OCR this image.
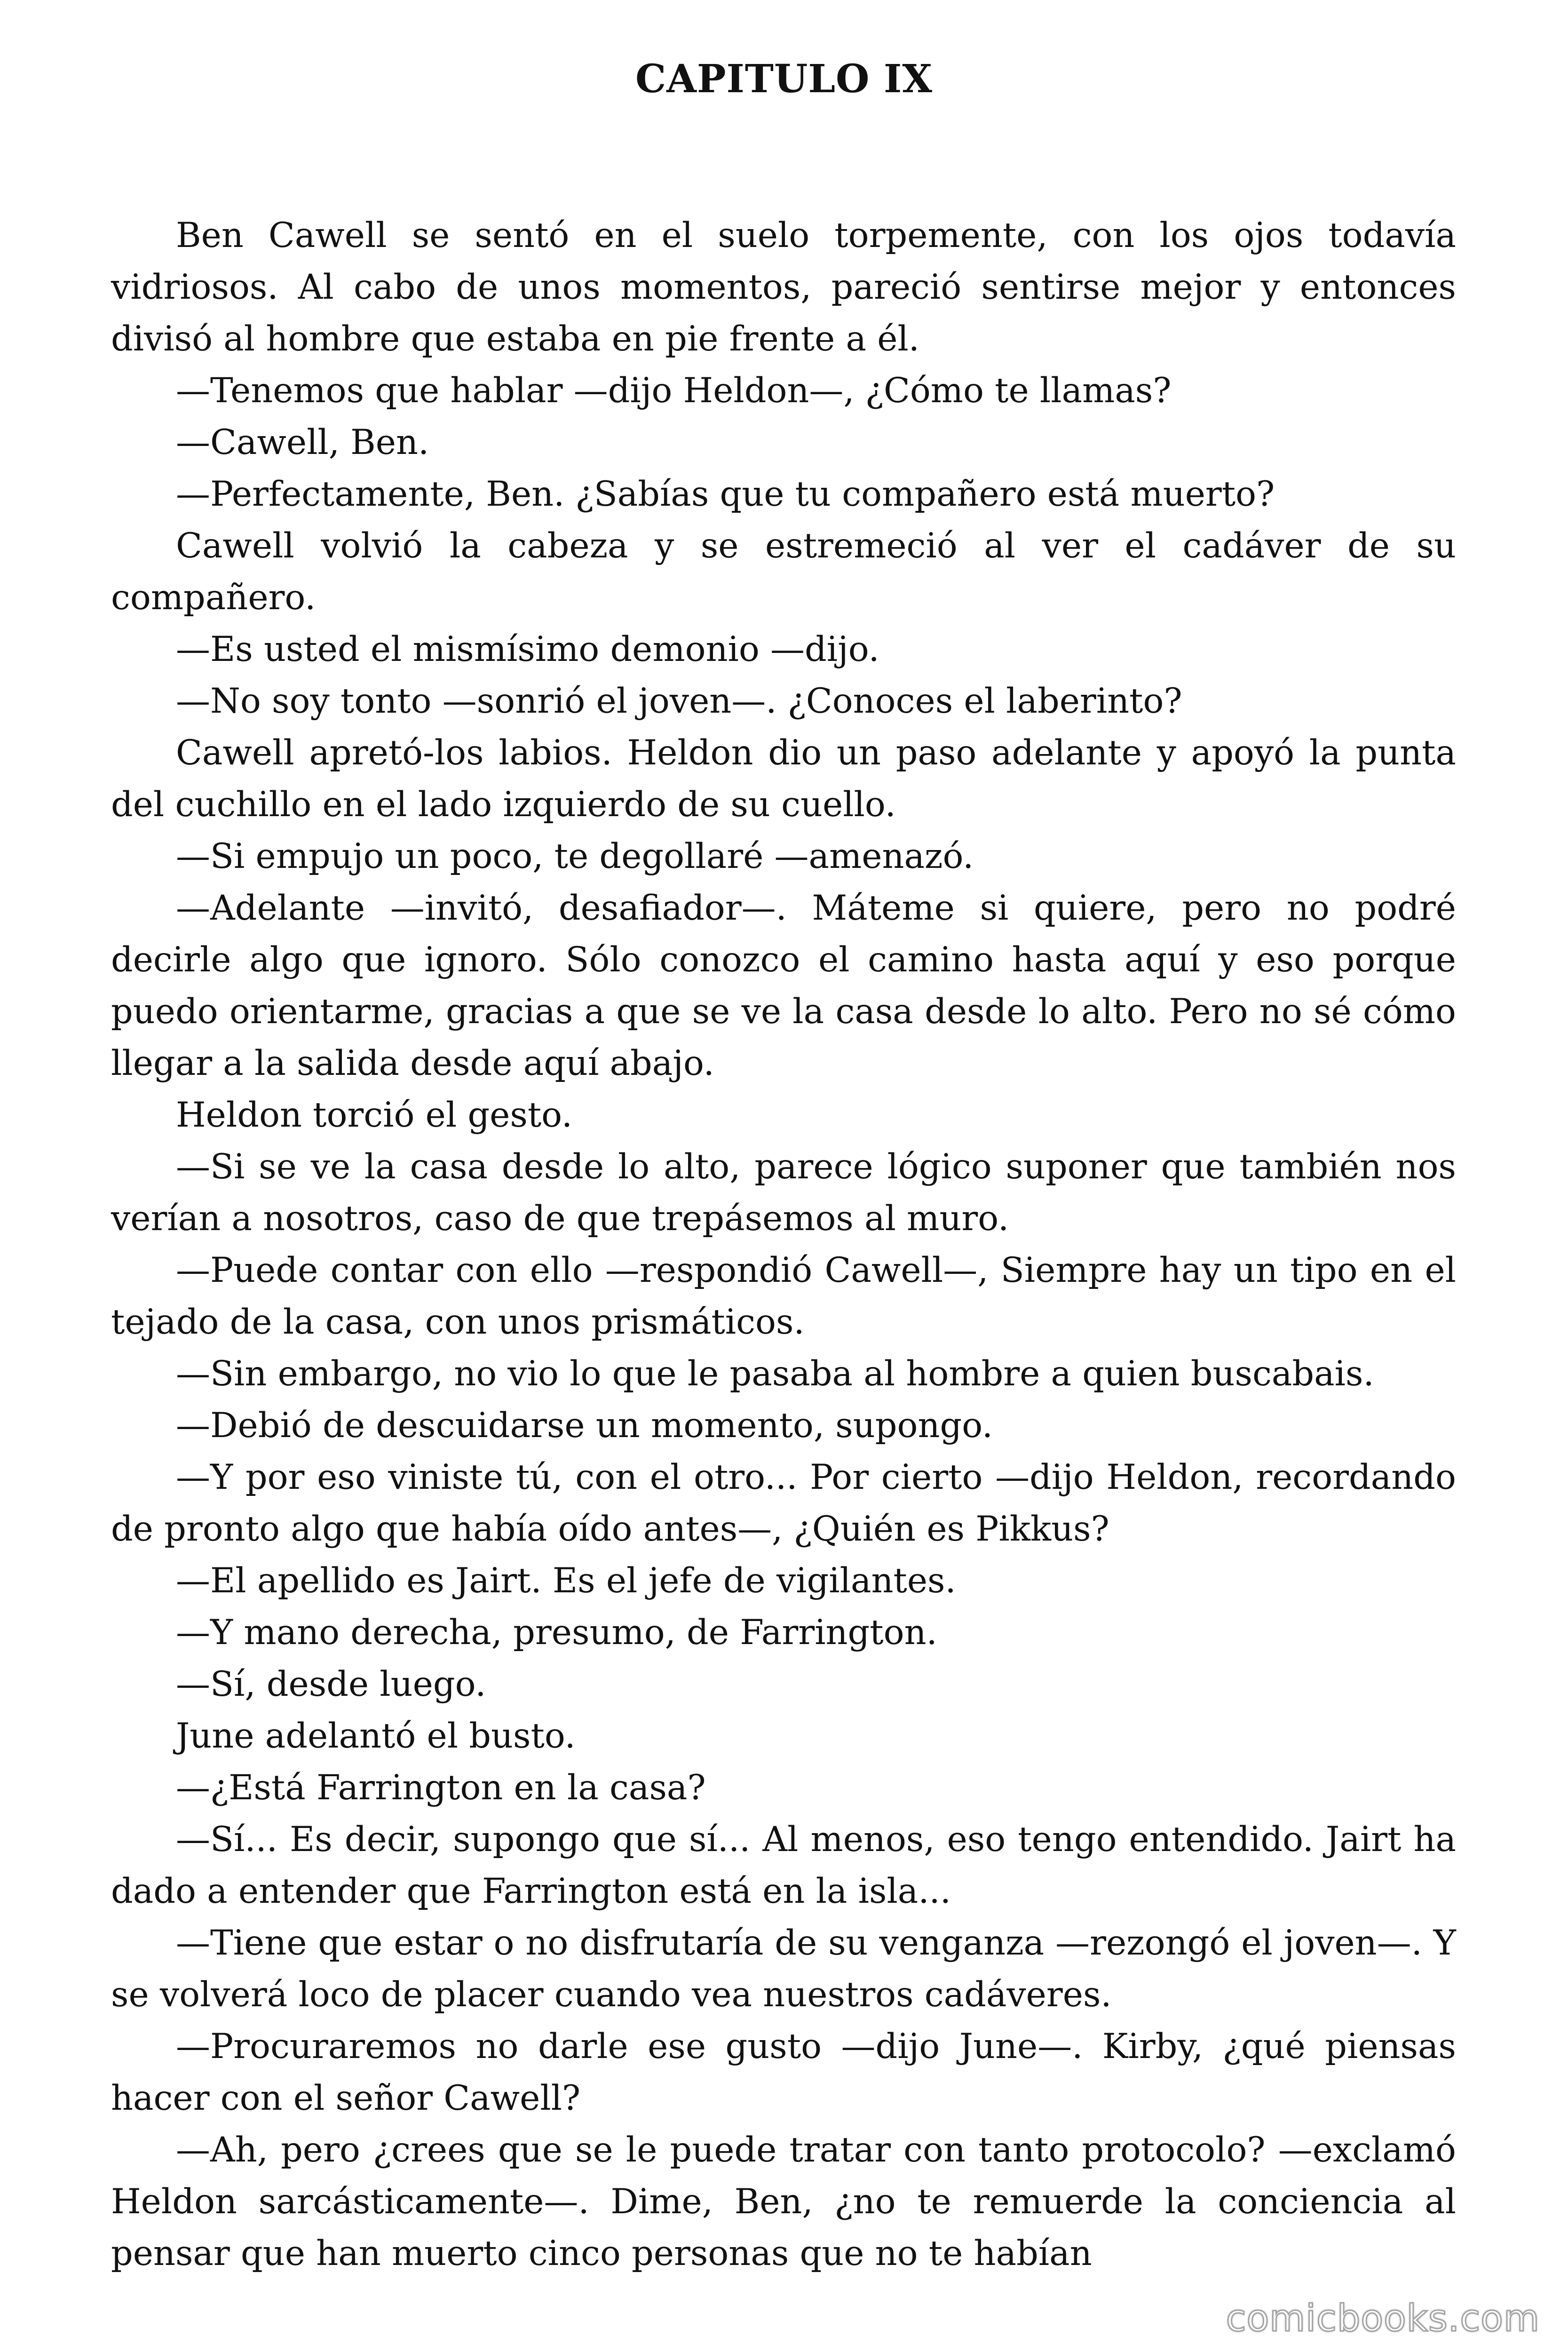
CAPITULO IX

Ben Cawell se sentó en el suelo torpemente, con los ojos todavía vidriosos. Al cabo de unos momentos, pareció sentirse mejor y entonces divisó al hombre que estaba en pie frente a él.

—Tenemos que hablar —dijo Heldon—, ¿Cómo te llamas?

—Cawell, Ben.

—Perfectamente, Ben. ¿Sabías que tu compañero está muerto?

Cawell volvió la cabeza y se estremeció al ver el cadáver de su compañero.

—Es usted el mismísimo demonio —dijo.

—No soy tonto —sonrió el joven—. ¿Conoces el laberinto?

Cawell apretó-los labios. Heldon dio un paso adelante y apoyó la punta del cuchillo en el lado izquierdo de su cuello.

—Si empujo un poco, te degollaré —amenazó.

—Adelante —invitó, desafiador—. Máteme si quiere, pero no podré decirle algo que ignoro. Sólo conozco el camino hasta aquí y eso porque puedo orientarme, gracias a que se ve la casa desde lo alto. Pero no sé cómo llegar a la salida desde aquí abajo.

Heldon torció el gesto.

—Si se ve la casa desde lo alto, parece lógico suponer que también nos verían a nosotros, caso de que trepásemos al muro.

—Puede contar con ello —respondió Cawell—, Siempre hay un tipo en el tejado de la casa, con unos prismáticos.

—Sin embargo, no vio lo que le pasaba al hombre a quien buscabais.

—Debió de descuidarse un momento, supongo.

—Y por eso viniste tú, con el otro... Por cierto —dijo Heldon, recordando de pronto algo que había oído antes—, ¿Quién es Pikkus?

—El apellido es Jairt. Es el jefe de vigilantes.

—Y mano derecha, presumo, de Farrington.

—Sí, desde luego.

June adelantó el busto.

—¿Está Farrington en la casa?

—Sí... Es decir, supongo que sí... Al menos, eso tengo entendido. Jairt ha dado a entender que Farrington está en la isla...

—Tiene que estar o no disfrutaría de su venganza —rezongó el joven—. Y se volverá loco de placer cuando vea nuestros cadáveres.

—Procuraremos no darle ese gusto —dijo June—. Kirby, ¿qué piensas hacer con el señor Cawell?

—Ah, pero ¿crees que se le puede tratar con tanto protocolo? —exclamó Heldon sarcásticamente—. Dime, Ben, ¿no te remuerde la conciencia al pensar que han muerto cinco personas que no te habían

comicbooks.com
